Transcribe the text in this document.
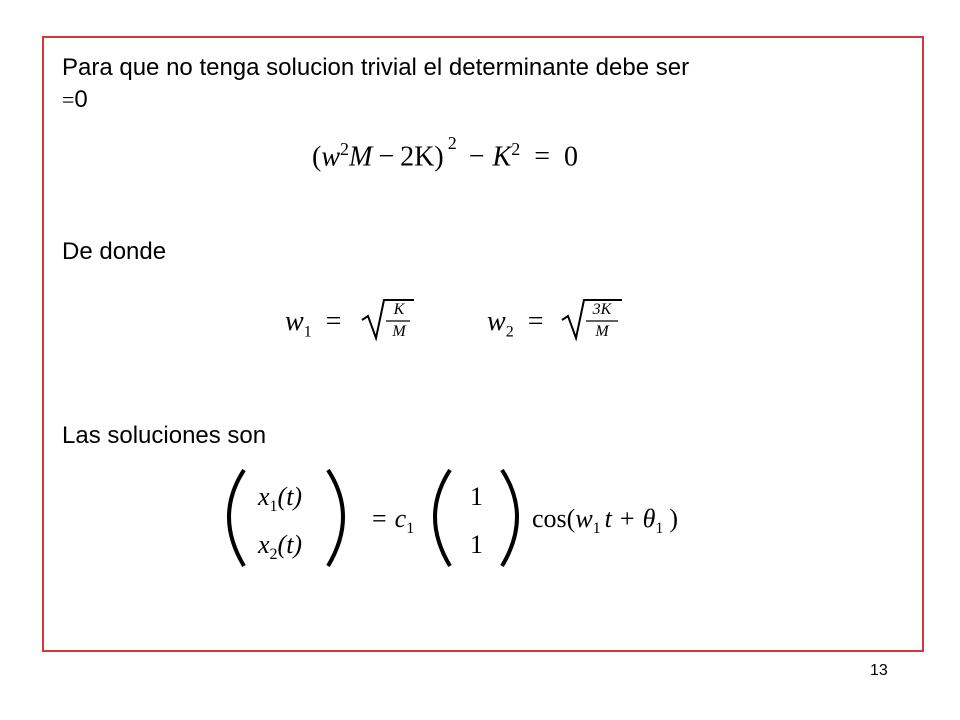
Para que no tenga solucion trivial el determinante debe ser
=0
$(w^2M - 2K) ^2 - K^2 = 0$
De donde
$w_1$ =	K
M	$w_2$ =	3K
M
Las soluciones son
$x_1(t)$
$x_2(t)$
= $c_1$
1
1
$\cos(w_1$ $t + \theta_1$ )
13
